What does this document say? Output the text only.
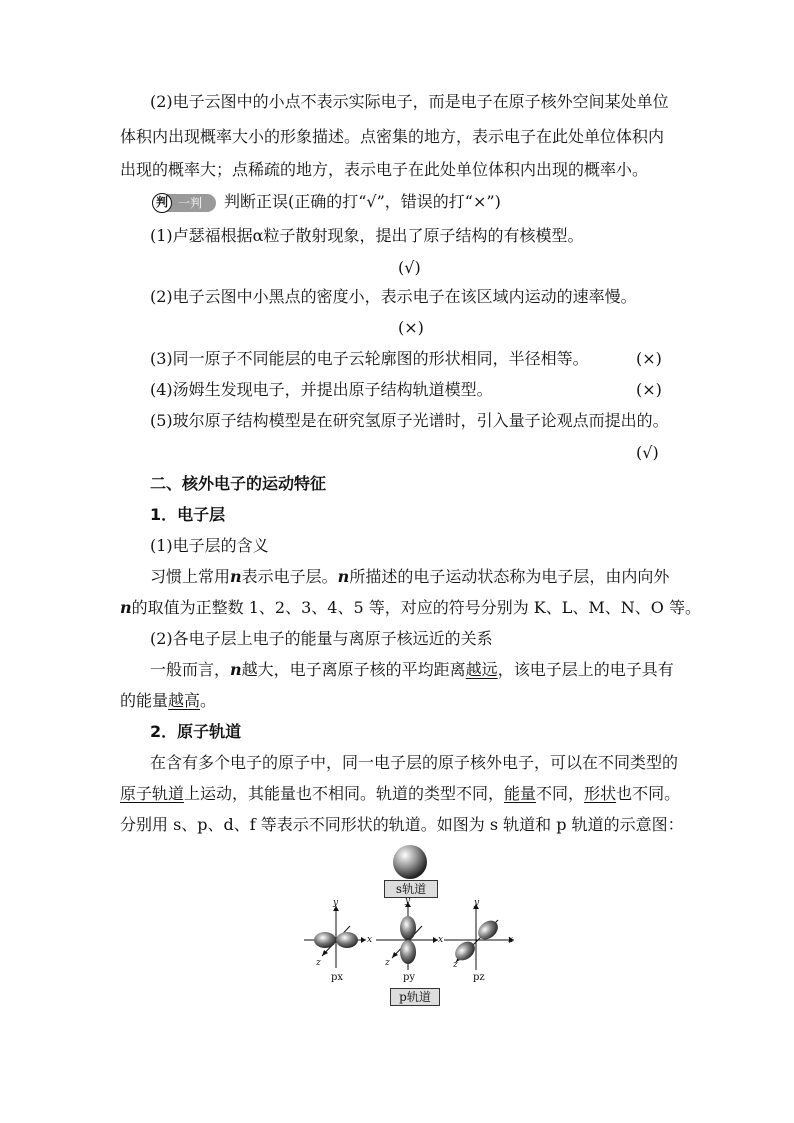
(2)电子云图中的小点不表示实际电子，而是电子在原子核外空间某处单位
体积内出现概率大小的形象描述。点密集的地方，表示电子在此处单位体积内
出现的概率大；点稀疏的地方，表示电子在此处单位体积内出现的概率小。
判 一判 判断正误(正确的打“√”，错误的打“×”)
(1)卢瑟福根据α粒子散射现象，提出了原子结构的有核模型。
(√)
(2)电子云图中小黑点的密度小，表示电子在该区域内运动的速率慢。
(×)
(3)同一原子不同能层的电子云轮廓图的形状相同，半径相等。	(×)
(4)汤姆生发现电子，并提出原子结构轨道模型。	(×)
(5)玻尔原子结构模型是在研究氢原子光谱时，引入量子论观点而提出的。
(√)
二、核外电子的运动特征
1．电子层
(1)电子层的含义
习惯上常用n表示电子层。n所描述的电子运动状态称为电子层，由内向外
n的取值为正整数 1、2、3、4、5 等，对应的符号分别为 K、L、M、N、O 等。
(2)各电子层上电子的能量与离原子核远近的关系
一般而言，n越大，电子离原子核的平均距离越远，该电子层上的电子具有
的能量越高。
2．原子轨道
在含有多个电子的原子中，同一电子层的原子核外电子，可以在不同类型的
原子轨道上运动，其能量也不相同。轨道的类型不同，能量不同，形状也不同。
分别用 s、p、d、f 等表示不同形状的轨道。如图为 s 轨道和 p 轨道的示意图：
s轨道
y
x
z
y
x
z
y
x
z
px	py	pz
p轨道
